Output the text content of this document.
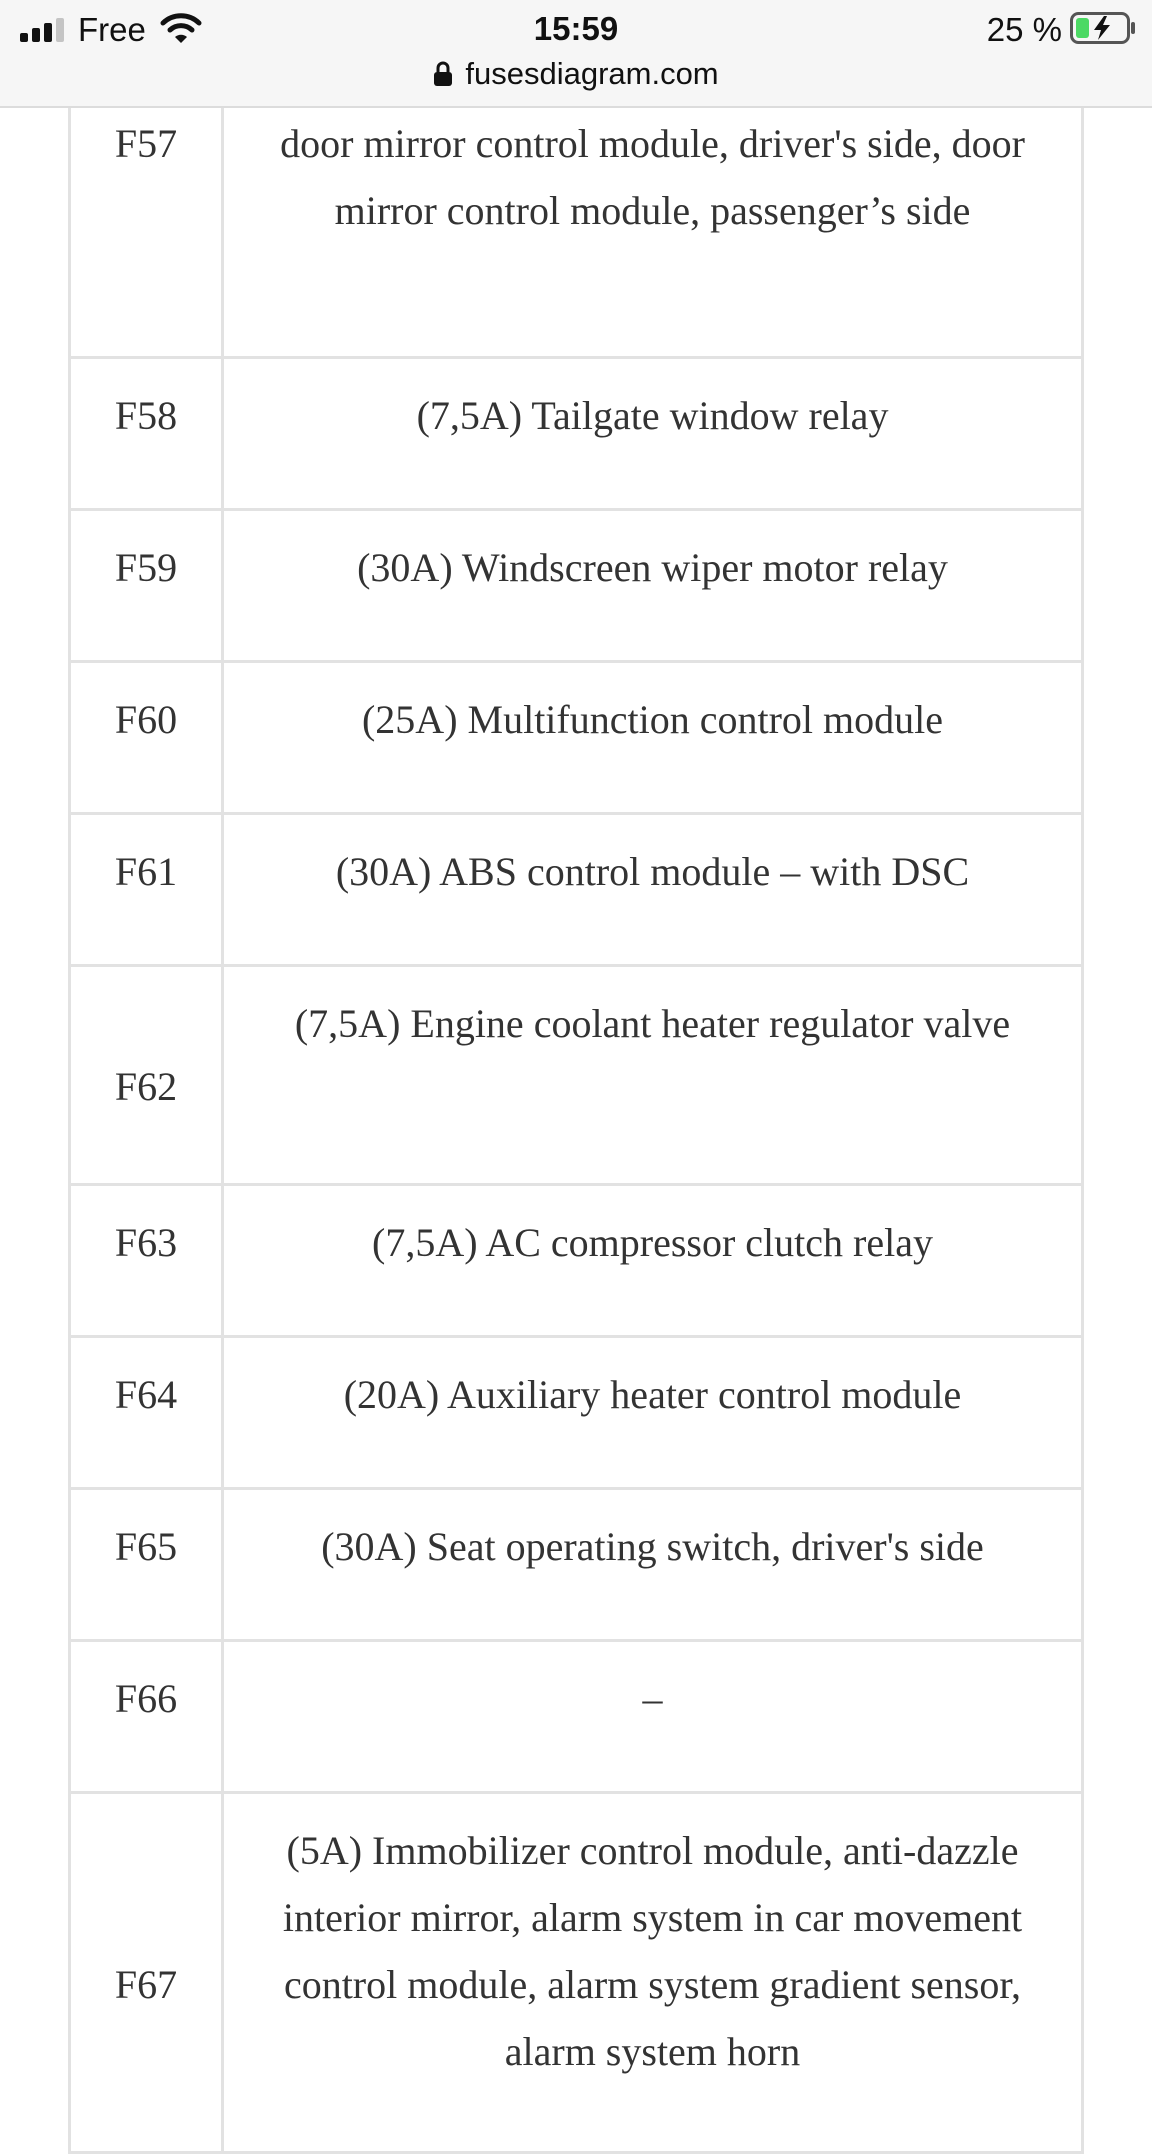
Free	15:59	25 %
fusesdiagram.com
F57	door mirror control module, driver's side, door mirror control module, passenger’s side
F58	(7,5A) Tailgate window relay
F59	(30A) Windscreen wiper motor relay
F60	(25A) Multifunction control module
F61	(30A) ABS control module – with DSC
F62	(7,5A) Engine coolant heater regulator valve
F63	(7,5A) AC compressor clutch relay
F64	(20A) Auxiliary heater control module
F65	(30A) Seat operating switch, driver's side
F66	–
F67	(5A) Immobilizer control module, anti-dazzle interior mirror, alarm system in car movement control module, alarm system gradient sensor, alarm system horn
